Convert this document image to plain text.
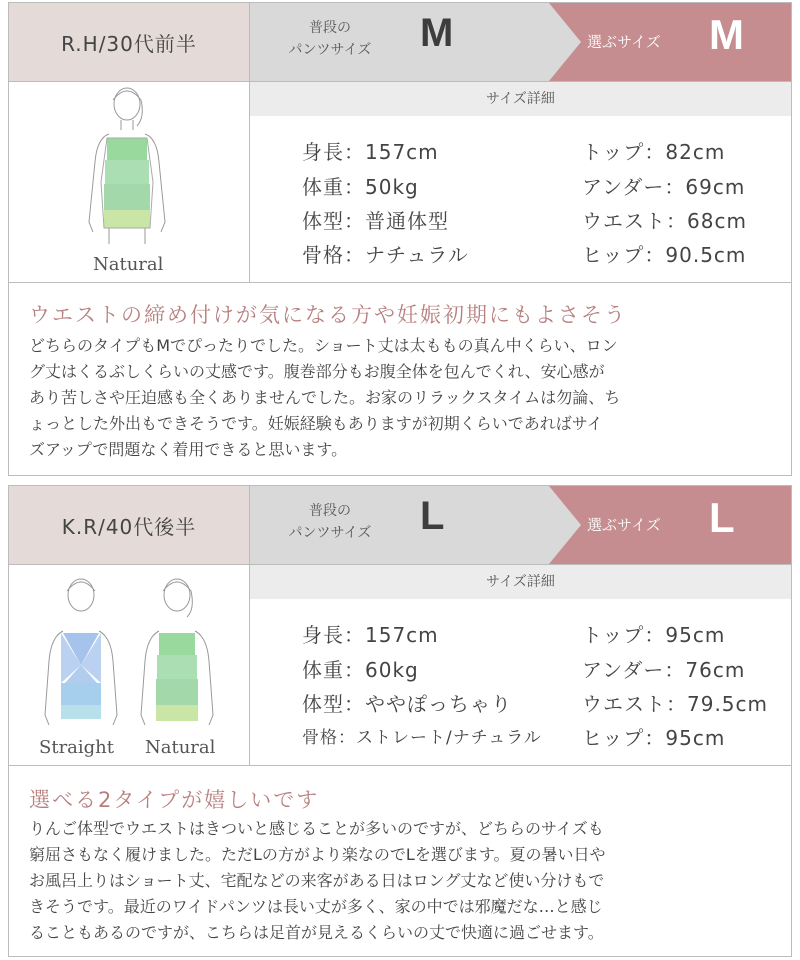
R.H/30代前半
普段の
パンツサイズ	M	選ぶサイズ M
Natural
サイズ詳細
身長：157cm
体重：50kg
体型：普通体型
骨格：ナチュラル
トップ：82cm
アンダー：69cm
ウエスト：68cm
ヒップ：90.5cm
ウエストの締め付けが気になる方や妊娠初期にもよさそう
どちらのタイプもMでぴったりでした。ショート丈は太ももの真ん中くらい、ロン
グ丈はくるぶしくらいの丈感です。腹巻部分もお腹全体を包んでくれ、安心感が
あり苦しさや圧迫感も全くありませんでした。お家のリラックスタイムは勿論、ち
ょっとした外出もできそうです。妊娠経験もありますが初期くらいであればサイ
ズアップで問題なく着用できると思います。
K.R/40代後半
普段の
パンツサイズ	L	選ぶサイズ L
Straight Natural
サイズ詳細
身長：157cm
体重：60kg
体型：ややぽっちゃり
骨格：ストレート/ナチュラル
トップ：95cm
アンダー：76cm
ウエスト：79.5cm
ヒップ：95cm
選べる2タイプが嬉しいです
りんご体型でウエストはきついと感じることが多いのですが、どちらのサイズも
窮屈さもなく履けました。ただLの方がより楽なのでLを選びます。夏の暑い日や
お風呂上りはショート丈、宅配などの来客がある日はロング丈など使い分けもで
きそうです。最近のワイドパンツは長い丈が多く、家の中では邪魔だな…と感じ
ることもあるのですが、こちらは足首が見えるくらいの丈で快適に過ごせます。
